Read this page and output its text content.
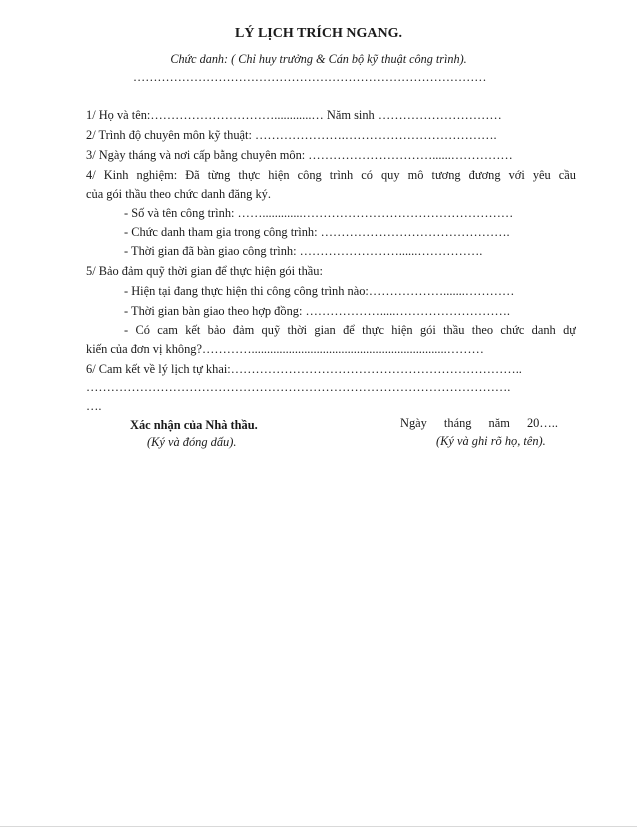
LÝ LỊCH TRÍCH NGANG.
Chức danh: ( Chỉ huy trưởng & Cán bộ kỹ thuật công trình).
……………………………………………………………………………
1/ Họ và tên:…………………………............… Năm sinh …………………………
2/ Trình độ chuyên môn kỹ thuật: ………………….……………………………….
3/ Ngày tháng và nơi cấp bằng chuyên môn: …………………………......……………
4/ Kinh nghiệm: Đã từng thực hiện công trình có quy mô tương đương với yêu cầu
của gói thầu theo chức danh đăng ký.
- Số và tên công trình: …….............……………………………………………
- Chức danh tham gia trong công trình: ……………………………………….
- Thời gian đã bàn giao công trình: ……………………......…………….
5/ Bảo đảm quỹ thời gian để thực hiện gói thầu:
- Hiện tại đang thực hiện thi công công trình nào:……………….......…………
- Thời gian bàn giao theo hợp đồng: ……………….....……………………….
- Có cam kết bảo đảm quỹ thời gian để thực hiện gói thầu theo chức danh dự
kiến của đơn vị không?…………...............................................................………
6/ Cam kết về lý lịch tự khai:……………………………………………………………..
………………………………………………………………………………………….
….
Xác nhận của Nhà thầu.
(Ký và đóng dấu).
Ngày tháng năm 20…..
(Ký và ghi rõ họ, tên).
